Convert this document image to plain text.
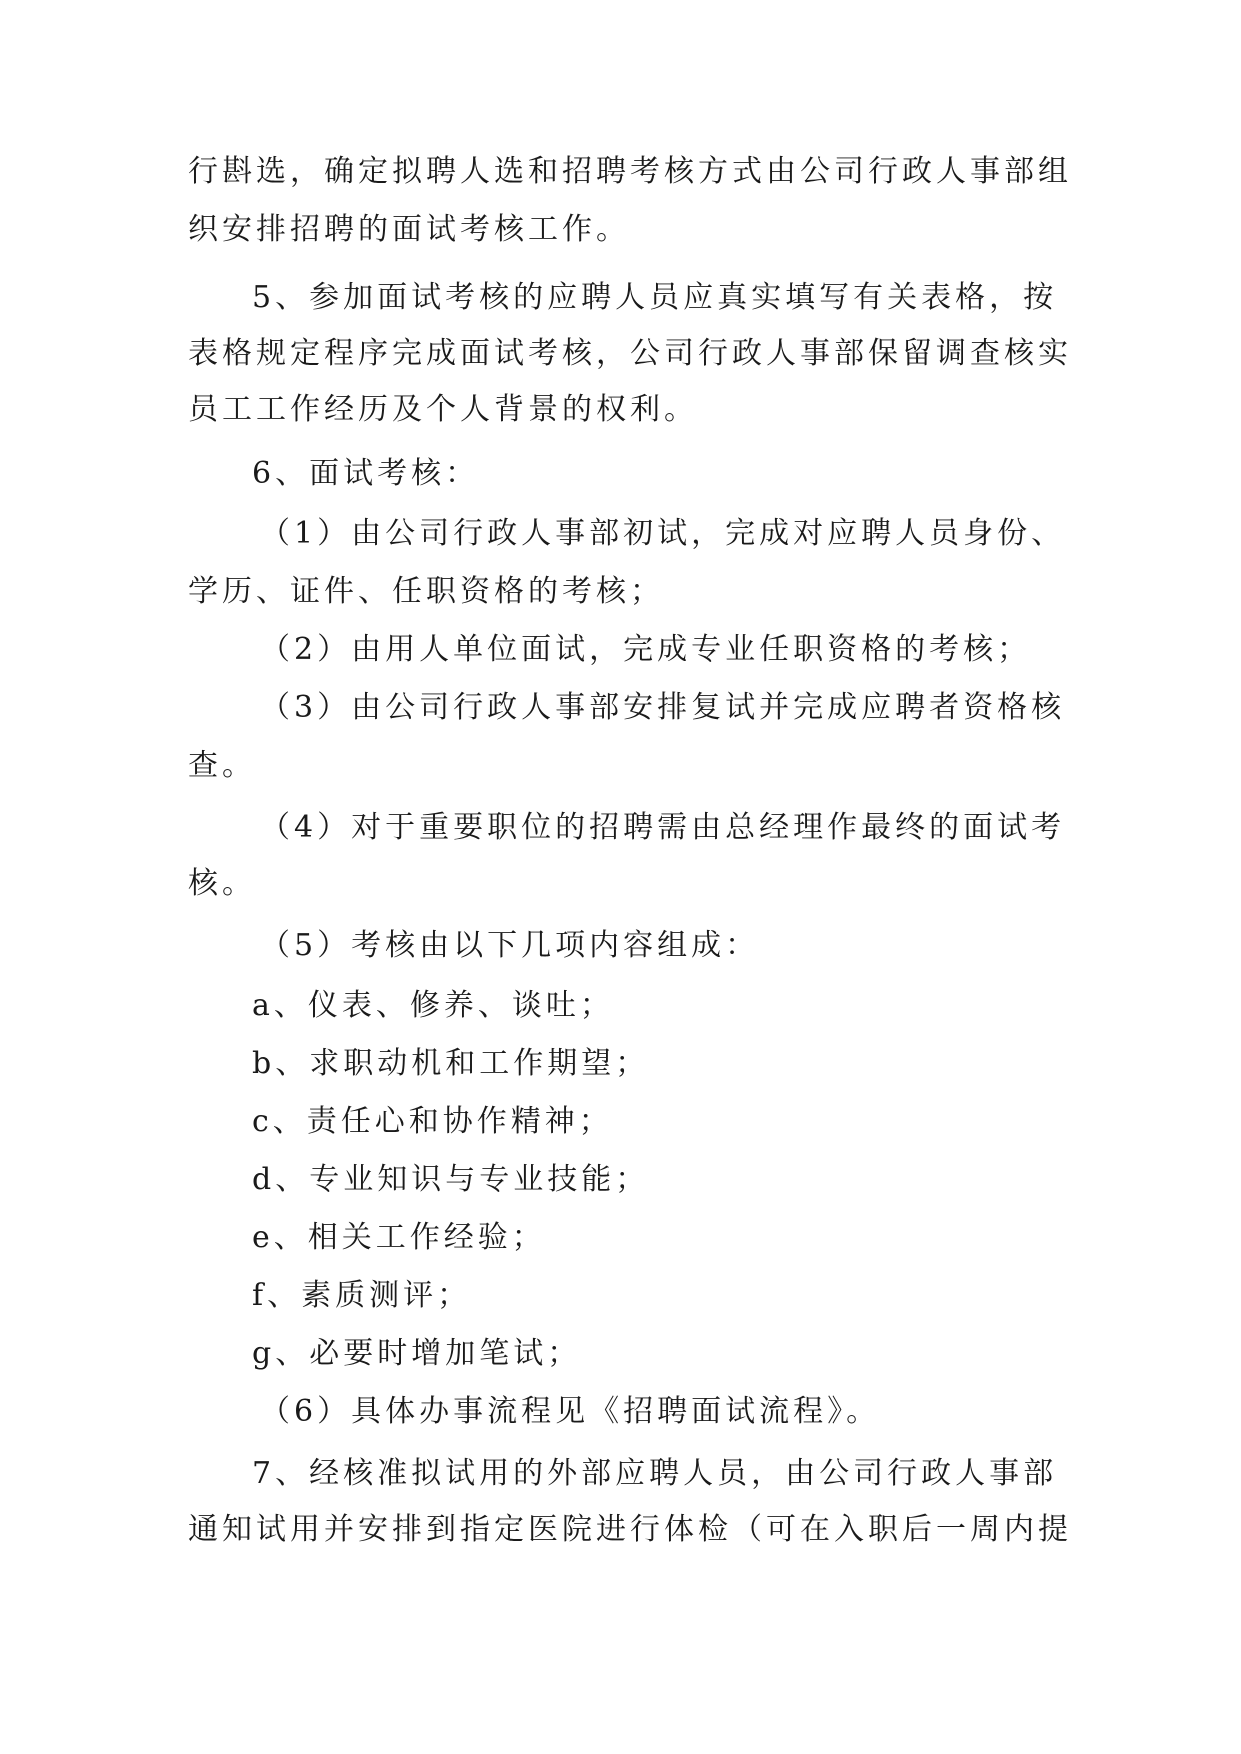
行斟选，确定拟聘人选和招聘考核方式由公司行政人事部组
织安排招聘的面试考核工作。
5、参加面试考核的应聘人员应真实填写有关表格，按
表格规定程序完成面试考核，公司行政人事部保留调查核实
员工工作经历及个人背景的权利。
6、面试考核：
（1）由公司行政人事部初试，完成对应聘人员身份、
学历、证件、任职资格的考核；
（2）由用人单位面试，完成专业任职资格的考核；
（3）由公司行政人事部安排复试并完成应聘者资格核
查。
（4）对于重要职位的招聘需由总经理作最终的面试考
核。
（5）考核由以下几项内容组成：
a、仪表、修养、谈吐；
b、求职动机和工作期望；
c、责任心和协作精神；
d、专业知识与专业技能；
e、相关工作经验；
f、素质测评；
g、必要时增加笔试；
（6）具体办事流程见《招聘面试流程》。
7、经核准拟试用的外部应聘人员，由公司行政人事部
通知试用并安排到指定医院进行体检（可在入职后一周内提
